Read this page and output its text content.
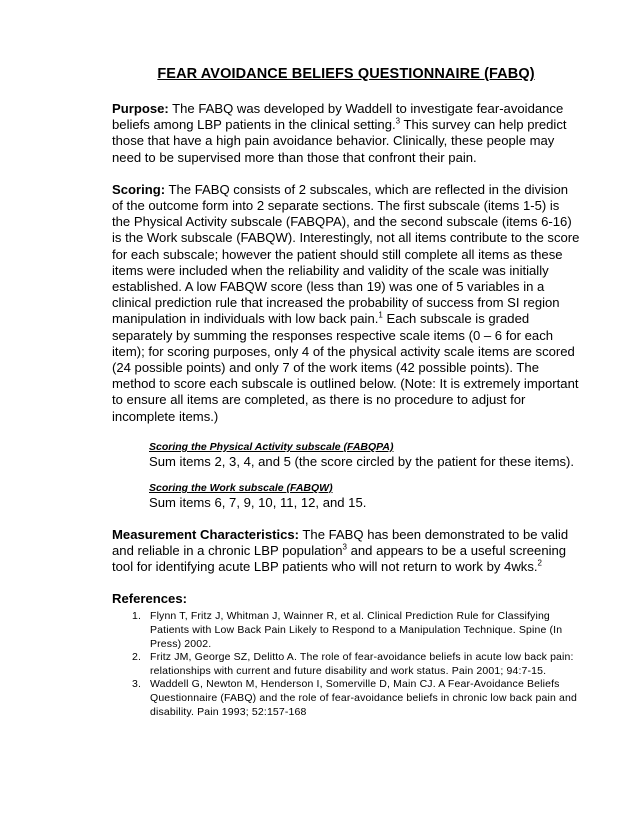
FEAR AVOIDANCE BELIEFS QUESTIONNAIRE (FABQ)
Purpose: The FABQ was developed by Waddell to investigate fear-avoidance beliefs among LBP patients in the clinical setting.$^3$ This survey can help predict those that have a high pain avoidance behavior. Clinically, these people may need to be supervised more than those that confront their pain.
Scoring: The FABQ consists of 2 subscales, which are reflected in the division of the outcome form into 2 separate sections. The first subscale (items 1-5) is the Physical Activity subscale (FABQPA), and the second subscale (items 6-16) is the Work subscale (FABQW). Interestingly, not all items contribute to the score for each subscale; however the patient should still complete all items as these items were included when the reliability and validity of the scale was initially established. A low FABQW score (less than 19) was one of 5 variables in a clinical prediction rule that increased the probability of success from SI region manipulation in individuals with low back pain.$^1$ Each subscale is graded separately by summing the responses respective scale items (0 – 6 for each item); for scoring purposes, only 4 of the physical activity scale items are scored (24 possible points) and only 7 of the work items (42 possible points). The method to score each subscale is outlined below. (Note: It is extremely important to ensure all items are completed, as there is no procedure to adjust for incomplete items.)
Scoring the Physical Activity subscale (FABQPA)
Sum items 2, 3, 4, and 5 (the score circled by the patient for these items).
Scoring the Work subscale (FABQW)
Sum items 6, 7, 9, 10, 11, 12, and 15.
Measurement Characteristics: The FABQ has been demonstrated to be valid and reliable in a chronic LBP population$^3$ and appears to be a useful screening tool for identifying acute LBP patients who will not return to work by 4wks.$^2$
References:
1. Flynn T, Fritz J, Whitman J, Wainner R, et al. Clinical Prediction Rule for Classifying Patients with Low Back Pain Likely to Respond to a Manipulation Technique. Spine (In Press) 2002.
2. Fritz JM, George SZ, Delitto A. The role of fear-avoidance beliefs in acute low back pain: relationships with current and future disability and work status. Pain 2001; 94:7-15.
3. Waddell G, Newton M, Henderson I, Somerville D, Main CJ. A Fear-Avoidance Beliefs Questionnaire (FABQ) and the role of fear-avoidance beliefs in chronic low back pain and disability. Pain 1993; 52:157-168
